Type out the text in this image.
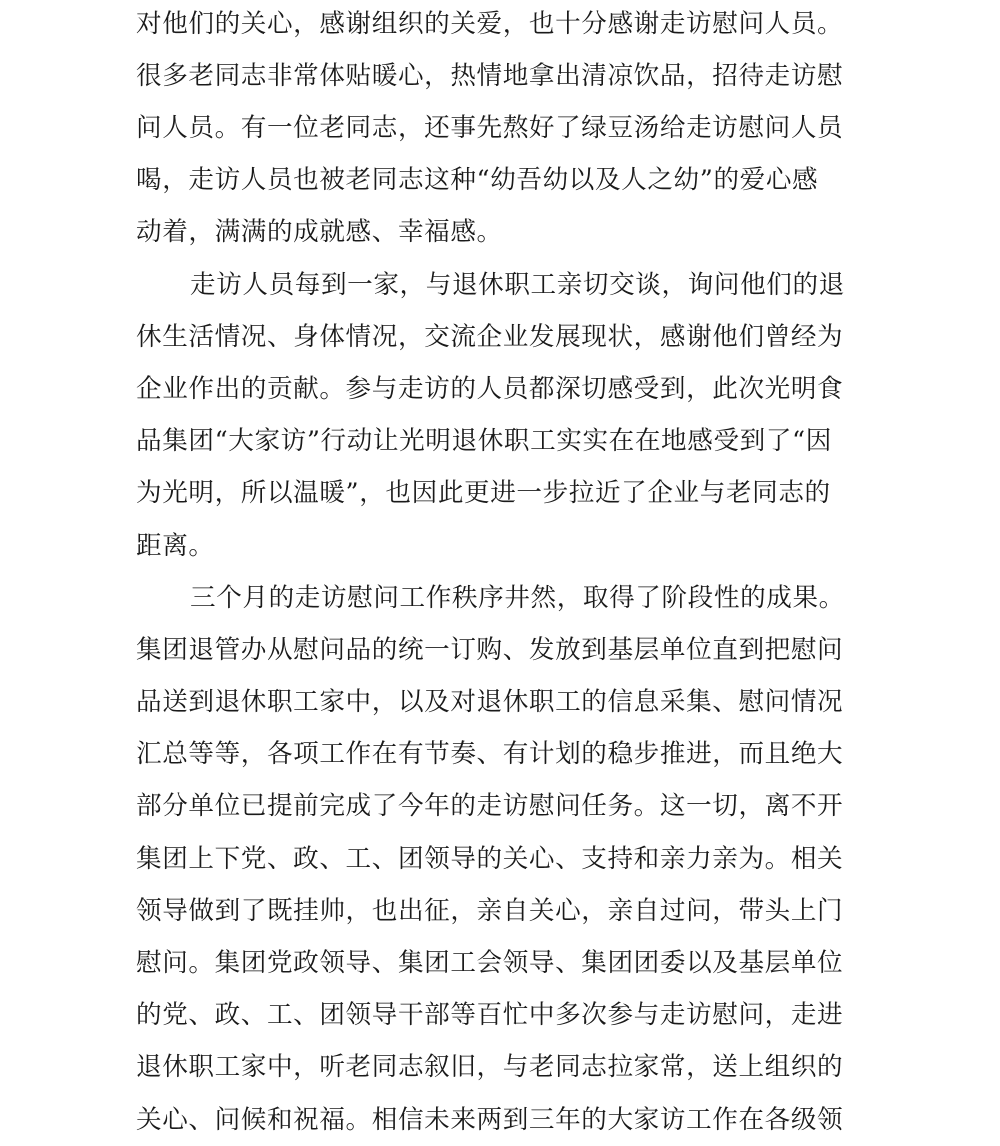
对他们的关心，感谢组织的关爱，也十分感谢走访慰问人员。
很多老同志非常体贴暖心，热情地拿出清凉饮品，招待走访慰
问人员。有一位老同志，还事先熬好了绿豆汤给走访慰问人员
喝，走访人员也被老同志这种“幼吾幼以及人之幼”的爱心感
动着，满满的成就感、幸福感。
走访人员每到一家，与退休职工亲切交谈，询问他们的退
休生活情况、身体情况，交流企业发展现状，感谢他们曾经为
企业作出的贡献。参与走访的人员都深切感受到，此次光明食
品集团“大家访”行动让光明退休职工实实在在地感受到了“因
为光明，所以温暖”，也因此更进一步拉近了企业与老同志的
距离。
三个月的走访慰问工作秩序井然，取得了阶段性的成果。
集团退管办从慰问品的统一订购、发放到基层单位直到把慰问
品送到退休职工家中，以及对退休职工的信息采集、慰问情况
汇总等等，各项工作在有节奏、有计划的稳步推进，而且绝大
部分单位已提前完成了今年的走访慰问任务。这一切，离不开
集团上下党、政、工、团领导的关心、支持和亲力亲为。相关
领导做到了既挂帅，也出征，亲自关心，亲自过问，带头上门
慰问。集团党政领导、集团工会领导、集团团委以及基层单位
的党、政、工、团领导干部等百忙中多次参与走访慰问，走进
退休职工家中，听老同志叙旧，与老同志拉家常，送上组织的
关心、问候和祝福。相信未来两到三年的大家访工作在各级领
